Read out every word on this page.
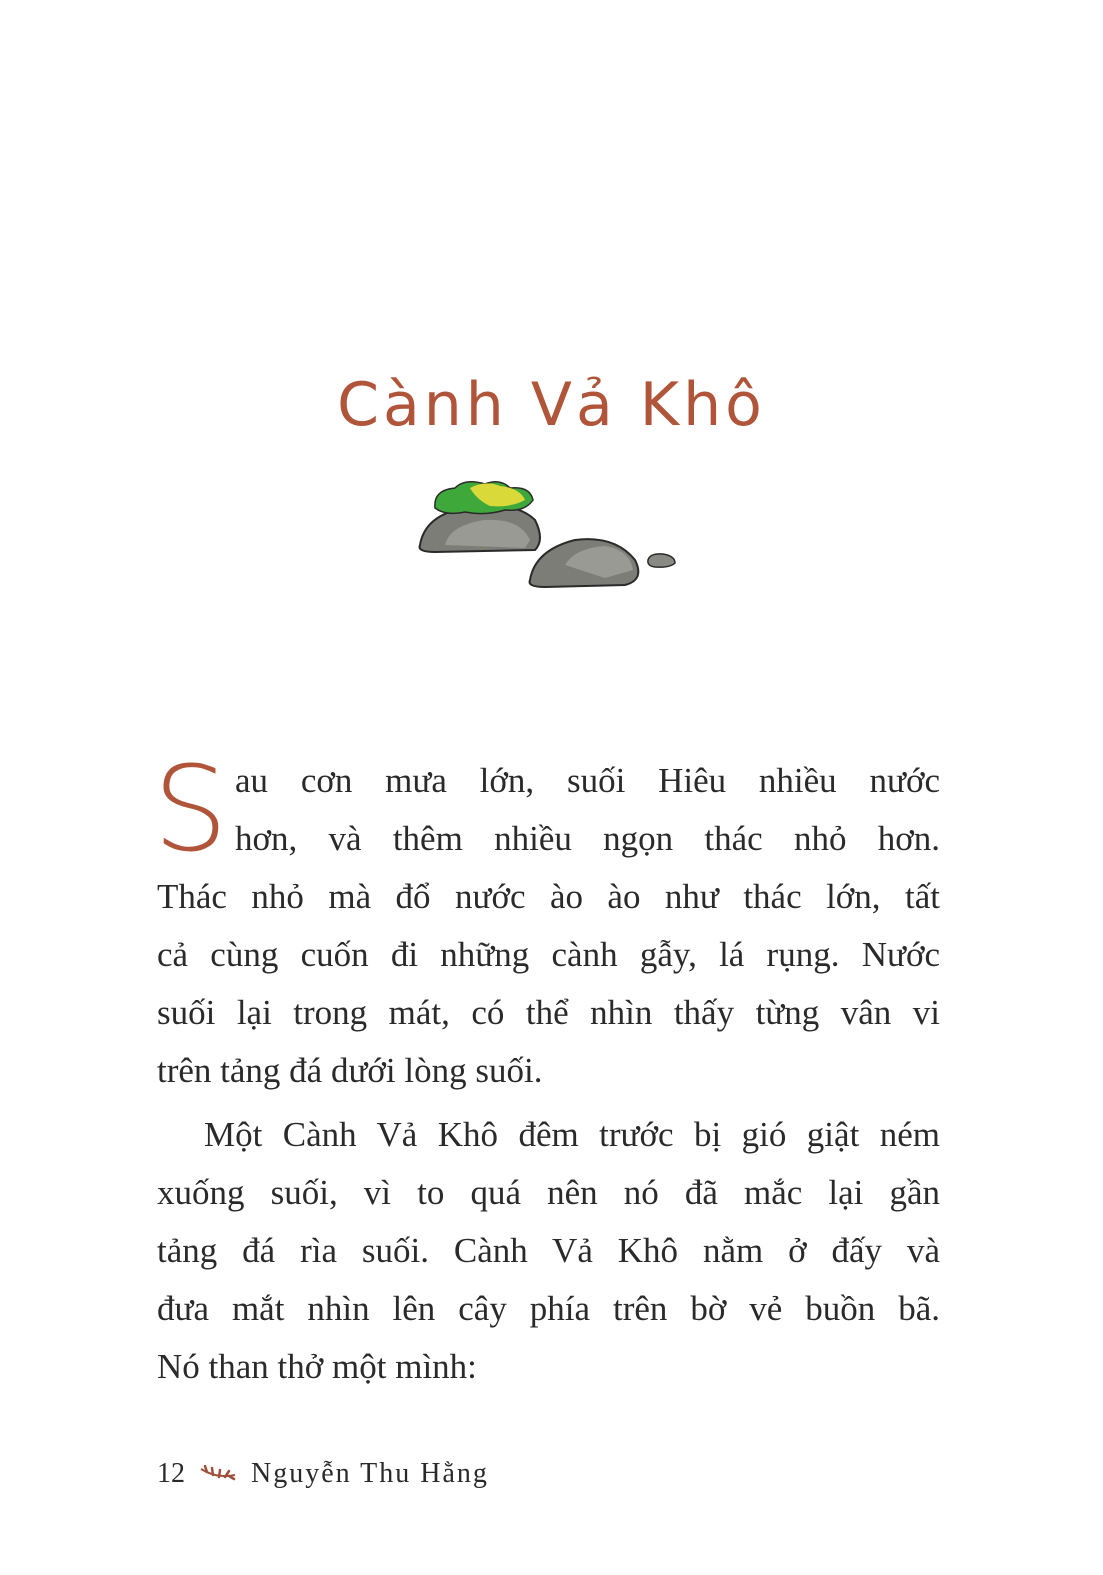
Cành Vả Khô
S au cơn mưa lớn, suối Hiêu nhiều nước
hơn, và thêm nhiều ngọn thác nhỏ hơn.
Thác nhỏ mà đổ nước ào ào như thác lớn, tất
cả cùng cuốn đi những cành gẫy, lá rụng. Nước
suối lại trong mát, có thể nhìn thấy từng vân vi
trên tảng đá dưới lòng suối.
Một Cành Vả Khô đêm trước bị gió giật ném
xuống suối, vì to quá nên nó đã mắc lại gần
tảng đá rìa suối. Cành Vả Khô nằm ở đấy và
đưa mắt nhìn lên cây phía trên bờ vẻ buồn bã.
Nó than thở một mình:
12 Nguyễn Thu Hằng
